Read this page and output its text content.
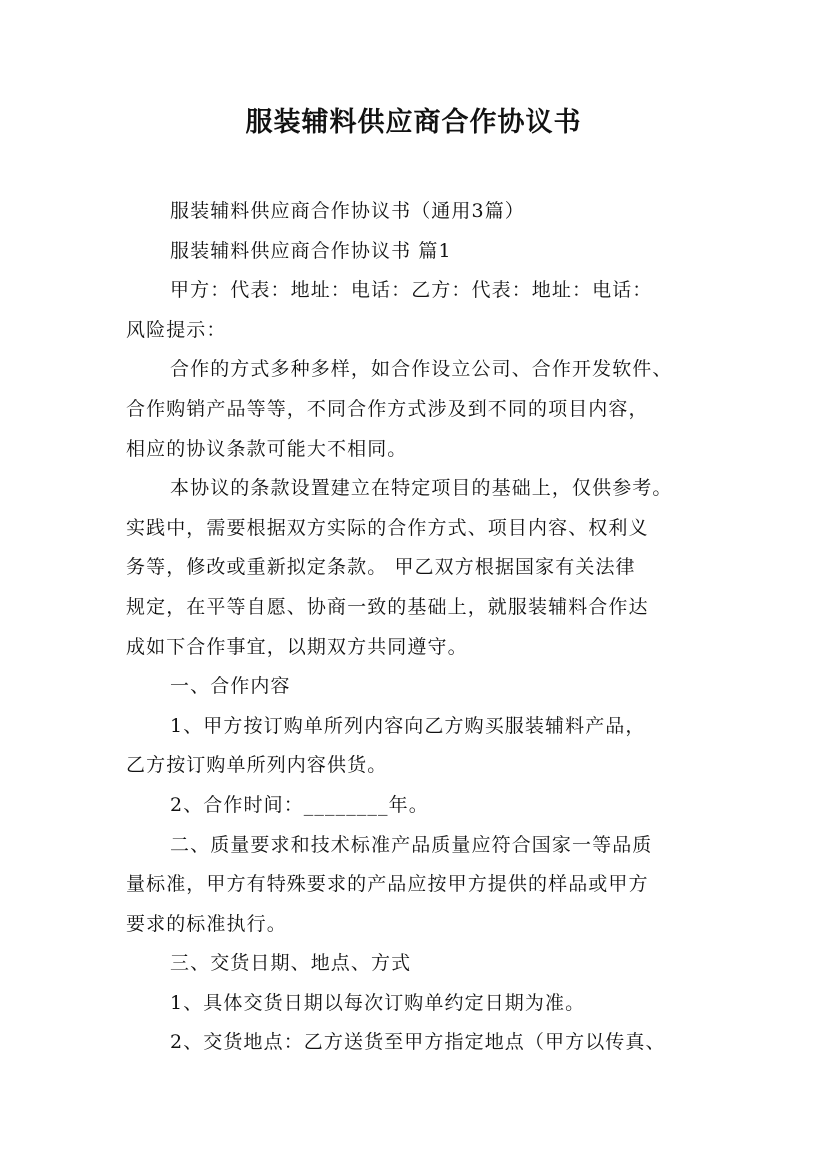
服装辅料供应商合作协议书
服装辅料供应商合作协议书（通用3篇）
服装辅料供应商合作协议书 篇1
甲方：代表：地址：电话：乙方：代表：地址：电话：
风险提示：
合作的方式多种多样，如合作设立公司、合作开发软件、
合作购销产品等等，不同合作方式涉及到不同的项目内容，
相应的协议条款可能大不相同。
本协议的条款设置建立在特定项目的基础上，仅供参考。
实践中，需要根据双方实际的合作方式、项目内容、权利义
务等，修改或重新拟定条款。 甲乙双方根据国家有关法律
规定，在平等自愿、协商一致的基础上，就服装辅料合作达
成如下合作事宜，以期双方共同遵守。
一、合作内容
1、甲方按订购单所列内容向乙方购买服装辅料产品，
乙方按订购单所列内容供货。
2、合作时间：________年。
二、质量要求和技术标准产品质量应符合国家一等品质
量标准，甲方有特殊要求的产品应按甲方提供的样品或甲方
要求的标准执行。
三、交货日期、地点、方式
1、具体交货日期以每次订购单约定日期为准。
2、交货地点：乙方送货至甲方指定地点（甲方以传真、
